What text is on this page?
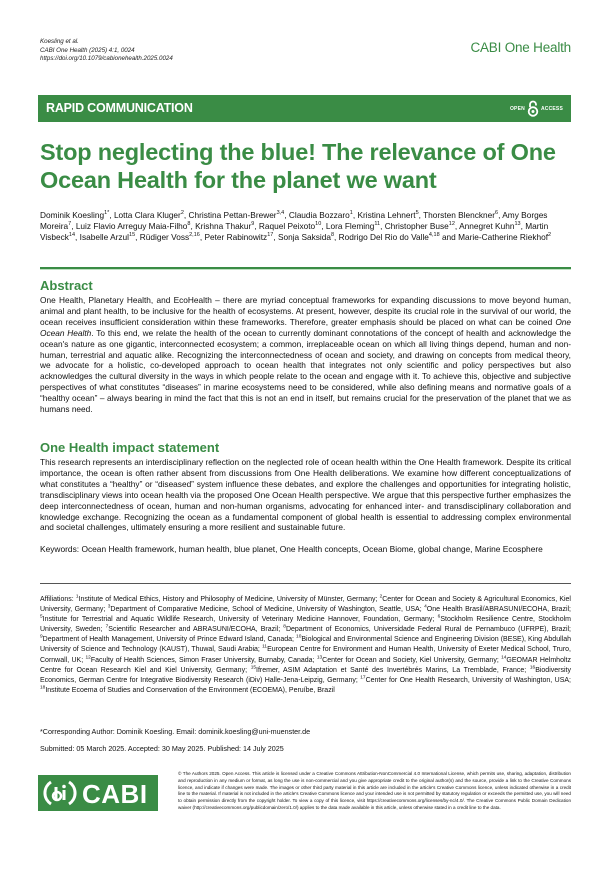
Koesling et al.
CABI One Health (2025) 4:1, 0024
https://doi.org/10.1079/cabionehealth.2025.0024
CABI One Health
RAPID COMMUNICATION	OPEN	ACCESS
Stop neglecting the blue! The relevance of One Ocean Health for the planet we want
Dominik Koesling$^{1*}$, Lotta Clara Kluger$^2$, Christina Pettan-Brewer$^{3,4}$, Claudia Bozzaro$^1$, Kristina Lehnert$^5$, Thorsten Blenckner$^6$, Amy Borges Moreira$^7$, Luiz Flavio Arreguy Maia-Filho$^8$, Krishna Thakur$^9$, Raquel Peixoto$^{10}$, Lora Fleming$^{11}$, Christopher Buse$^{12}$, Annegret Kuhn$^{13}$, Martin Visbeck$^{14}$, Isabelle Arzul$^{15}$, Rüdiger Voss$^{2,16}$, Peter Rabinowitz$^{17}$, Sonja Saksida$^8$, Rodrigo Del Rio do Valle$^{4,18}$ and Marie-Catherine Riekhof$^2$
Abstract
One Health, Planetary Health, and EcoHealth – there are myriad conceptual frameworks for expanding discussions to move beyond human, animal and plant health, to be inclusive for the health of ecosystems. At present, however, despite its crucial role in the survival of our world, the ocean receives insufficient consideration within these frameworks. Therefore, greater emphasis should be placed on what can be coined One Ocean Health. To this end, we relate the health of the ocean to currently dominant connotations of the concept of health and acknowledge the ocean's nature as one gigantic, interconnected ecosystem; a common, irreplaceable ocean on which all living things depend, human and non-human, terrestrial and aquatic alike. Recognizing the interconnectedness of ocean and society, and drawing on concepts from medical theory, we advocate for a holistic, co-developed approach to ocean health that integrates not only scientific and policy perspectives but also acknowledges the cultural diversity in the ways in which people relate to the ocean and engage with it. To achieve this, objective and subjective perspectives of what constitutes “diseases” in marine ecosystems need to be considered, while also defining means and normative goals of a “healthy ocean” – always bearing in mind the fact that this is not an end in itself, but remains crucial for the preservation of the planet that we as humans need.
One Health impact statement
This research represents an interdisciplinary reflection on the neglected role of ocean health within the One Health framework. Despite its critical importance, the ocean is often rather absent from discussions from One Health deliberations. We examine how different conceptualizations of what constitutes a “healthy” or “diseased” system influence these debates, and explore the challenges and opportunities for integrating holistic, transdisciplinary views into ocean health via the proposed One Ocean Health perspective. We argue that this perspective further emphasizes the deep interconnectedness of ocean, human and non-human organisms, advocating for enhanced inter- and transdisciplinary collaboration and knowledge exchange. Recognizing the ocean as a fundamental component of global health is essential to addressing complex environmental and societal challenges, ultimately ensuring a more resilient and sustainable future.
Keywords: Ocean Health framework, human health, blue planet, One Health concepts, Ocean Biome, global change, Marine Ecosphere
Affiliations: $^1$Institute of Medical Ethics, History and Philosophy of Medicine, University of Münster, Germany; $^2$Center for Ocean and Society & Agricultural Economics, Kiel University, Germany; $^3$Department of Comparative Medicine, School of Medicine, University of Washington, Seattle, USA; $^4$One Health Brasil/ABRASUNI/ECOHA, Brazil; $^5$Institute for Terrestrial and Aquatic Wildlife Research, University of Veterinary Medicine Hannover, Foundation, Germany; $^6$Stockholm Resilience Centre, Stockholm University, Sweden; $^7$Scientific Researcher and ABRASUNI/ECOHA, Brazil; $^8$Department of Economics, Universidade Federal Rural de Pernambuco (UFRPE), Brazil; $^9$Department of Health Management, University of Prince Edward Island, Canada; $^{10}$Biological and Environmental Science and Engineering Division (BESE), King Abdullah University of Science and Technology (KAUST), Thuwal, Saudi Arabia; $^{11}$European Centre for Environment and Human Health, University of Exeter Medical School, Truro, Cornwall, UK; $^{12}$Faculty of Health Sciences, Simon Fraser University, Burnaby, Canada; $^{13}$Center for Ocean and Society, Kiel University, Germany; $^{14}$GEOMAR Helmholtz Centre for Ocean Research Kiel and Kiel University, Germany; $^{15}$Ifremer, ASIM Adaptation et Santé des Invertébrés Marins, La Tremblade, France; $^{16}$Biodiversity Economics, German Centre for Integrative Biodiversity Research (iDiv) Halle-Jena-Leipzig, Germany; $^{17}$Center for One Health Research, University of Washington, USA; $^{18}$Institute Ecoema of Studies and Conservation of the Environment (ECOEMA), Peruíbe, Brazil
*Corresponding Author: Dominik Koesling. Email: dominik.koesling@uni-muenster.de
Submitted: 05 March 2025. Accepted: 30 May 2025. Published: 14 July 2025
CABI
© The Authors 2025. Open Access. This article is licensed under a Creative Commons Attribution-NonCommercial 4.0 International License, which permits use, sharing, adaptation, distribution and reproduction in any medium or format, as long the use is non-commercial and you give appropriate credit to the original author(s) and the source, provide a link to the Creative Commons licence, and indicate if changes were made. The images or other third party material in this article are included in the article's Creative Commons licence, unless indicated otherwise in a credit line to the material. If material is not included in the article's Creative Commons licence and your intended use is not permitted by statutory regulation or exceeds the permitted use, you will need to obtain permission directly from the copyright holder. To view a copy of this licence, visit https://creativecommons.org/licenses/by-nc/4.0/. The Creative Commons Public Domain Dedication waiver (http://creativecommons.org/publicdomain/zero/1.0/) applies to the data made available in this article, unless otherwise stated in a credit line to the data.
